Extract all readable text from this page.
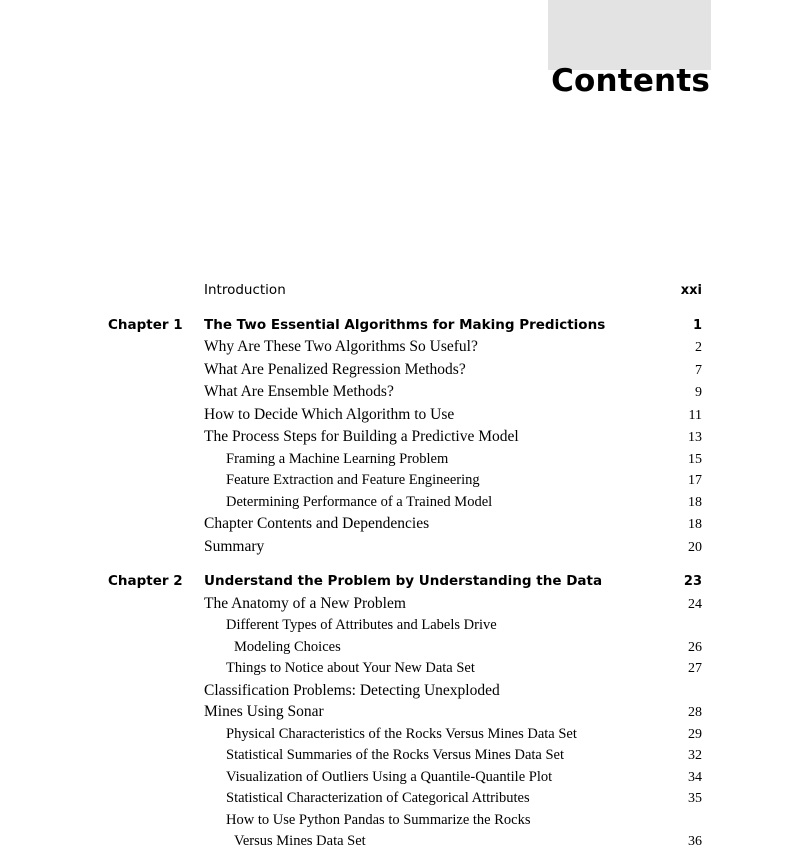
Contents
Introduction	xxi
Chapter 1	The Two Essential Algorithms for Making Predictions	1
Why Are These Two Algorithms So Useful?	2
What Are Penalized Regression Methods?	7
What Are Ensemble Methods?	9
How to Decide Which Algorithm to Use	11
The Process Steps for Building a Predictive Model	13
Framing a Machine Learning Problem	15
Feature Extraction and Feature Engineering	17
Determining Performance of a Trained Model	18
Chapter Contents and Dependencies	18
Summary	20
Chapter 2	Understand the Problem by Understanding the Data	23
The Anatomy of a New Problem	24
Different Types of Attributes and Labels Drive
Modeling Choices	26
Things to Notice about Your New Data Set	27
Classification Problems: Detecting Unexploded
Mines Using Sonar	28
Physical Characteristics of the Rocks Versus Mines Data Set	29
Statistical Summaries of the Rocks Versus Mines Data Set	32
Visualization of Outliers Using a Quantile-Quantile Plot	34
Statistical Characterization of Categorical Attributes	35
How to Use Python Pandas to Summarize the Rocks
Versus Mines Data Set	36
